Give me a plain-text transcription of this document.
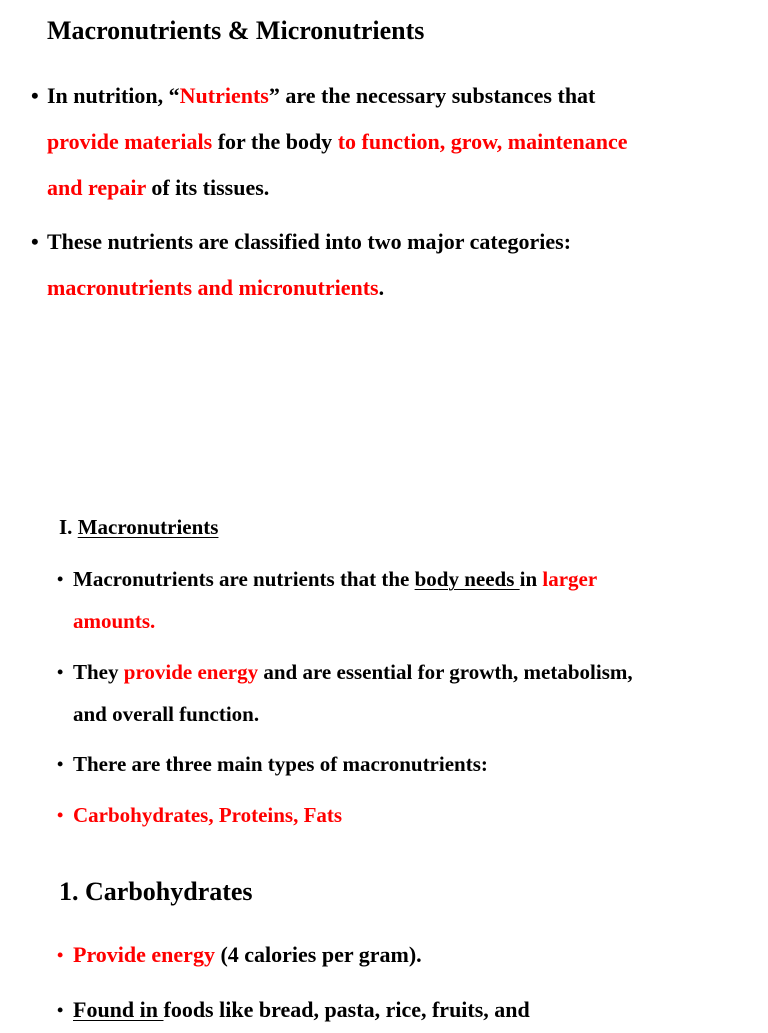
Macronutrients & Micronutrients
• In nutrition, “Nutrients” are the necessary substances that
provide materials for the body to function, grow, maintenance
and repair of its tissues.
• These nutrients are classified into two major categories:
macronutrients and micronutrients.
I. Macronutrients
• Macronutrients are nutrients that the body needs in larger
amounts.
• They provide energy and are essential for growth, metabolism,
and overall function.
• There are three main types of macronutrients:
• Carbohydrates, Proteins, Fats
1. Carbohydrates
• Provide energy (4 calories per gram).
• Found in foods like bread, pasta, rice, fruits, and
